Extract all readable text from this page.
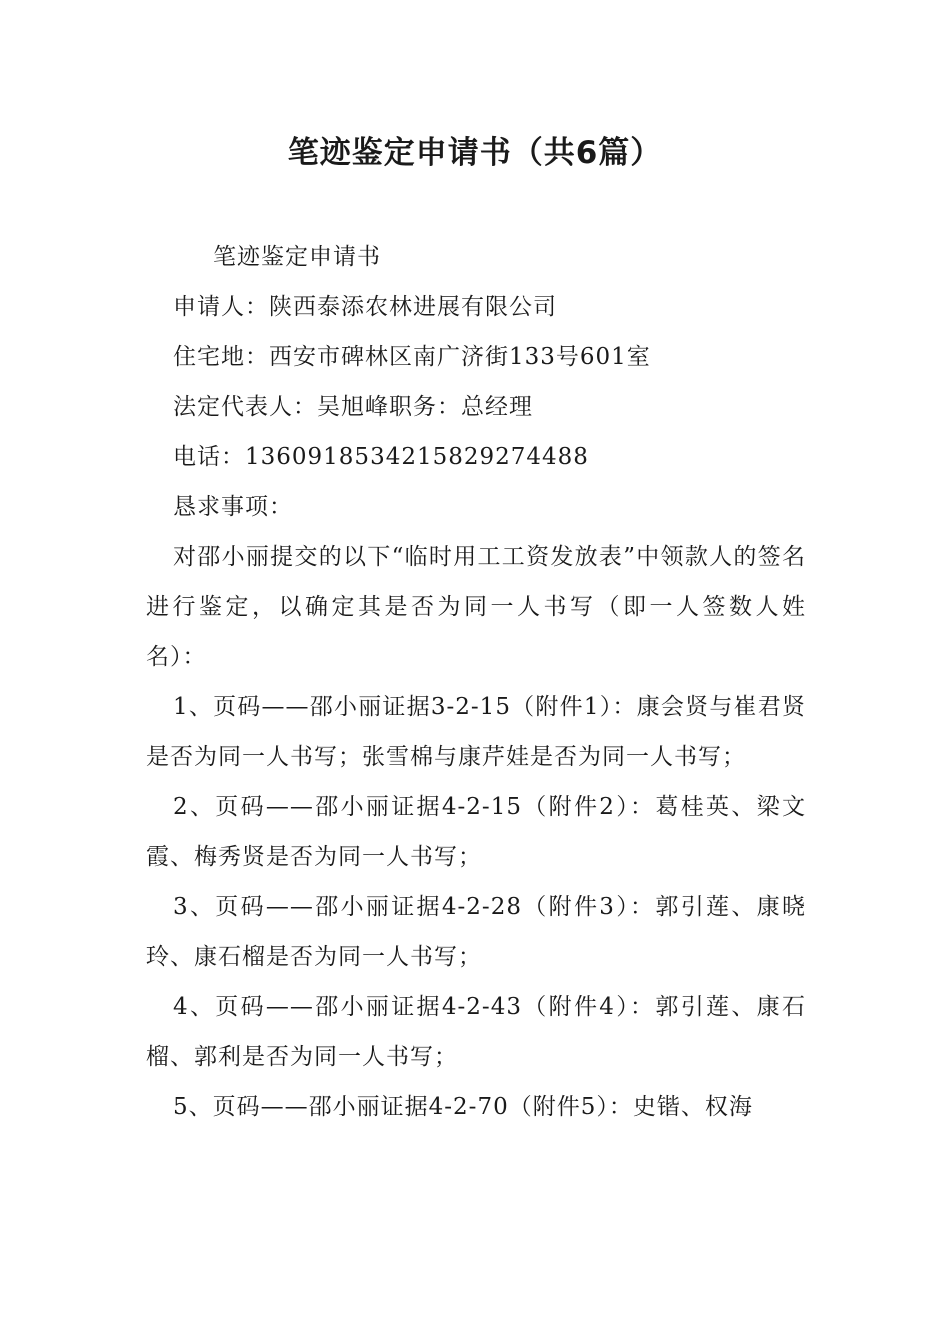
笔迹鉴定申请书（共6篇）

笔迹鉴定申请书

申请人：陕西泰添农林进展有限公司

住宅地：西安市碑林区南广济街133号601室

法定代表人：吴旭峰职务：总经理

电话：13609185342158292744​88

恳求事项：

对邵小丽提交的以下“临时用工工资发放表”中领款人的签名进行鉴定，以确定其是否为同一人书写（即一人签数人姓名）：

1、页码——邵小丽证据3-2-15（附件1）：康会贤与崔君贤是否为同一人书写；张雪棉与康芹娃是否为同一人书写；

2、页码——邵小丽证据4-2-15（附件2）：葛桂英、梁文霞、梅秀贤是否为同一人书写；

3、页码——邵小丽证据4-2-28（附件3）：郭引莲、康晓玲、康石榴是否为同一人书写；

4、页码——邵小丽证据4-2-43（附件4）：郭引莲、康石榴、郭利是否为同一人书写；

5、页码——邵小丽证据4-2-70（附件5）：史锴、权海
